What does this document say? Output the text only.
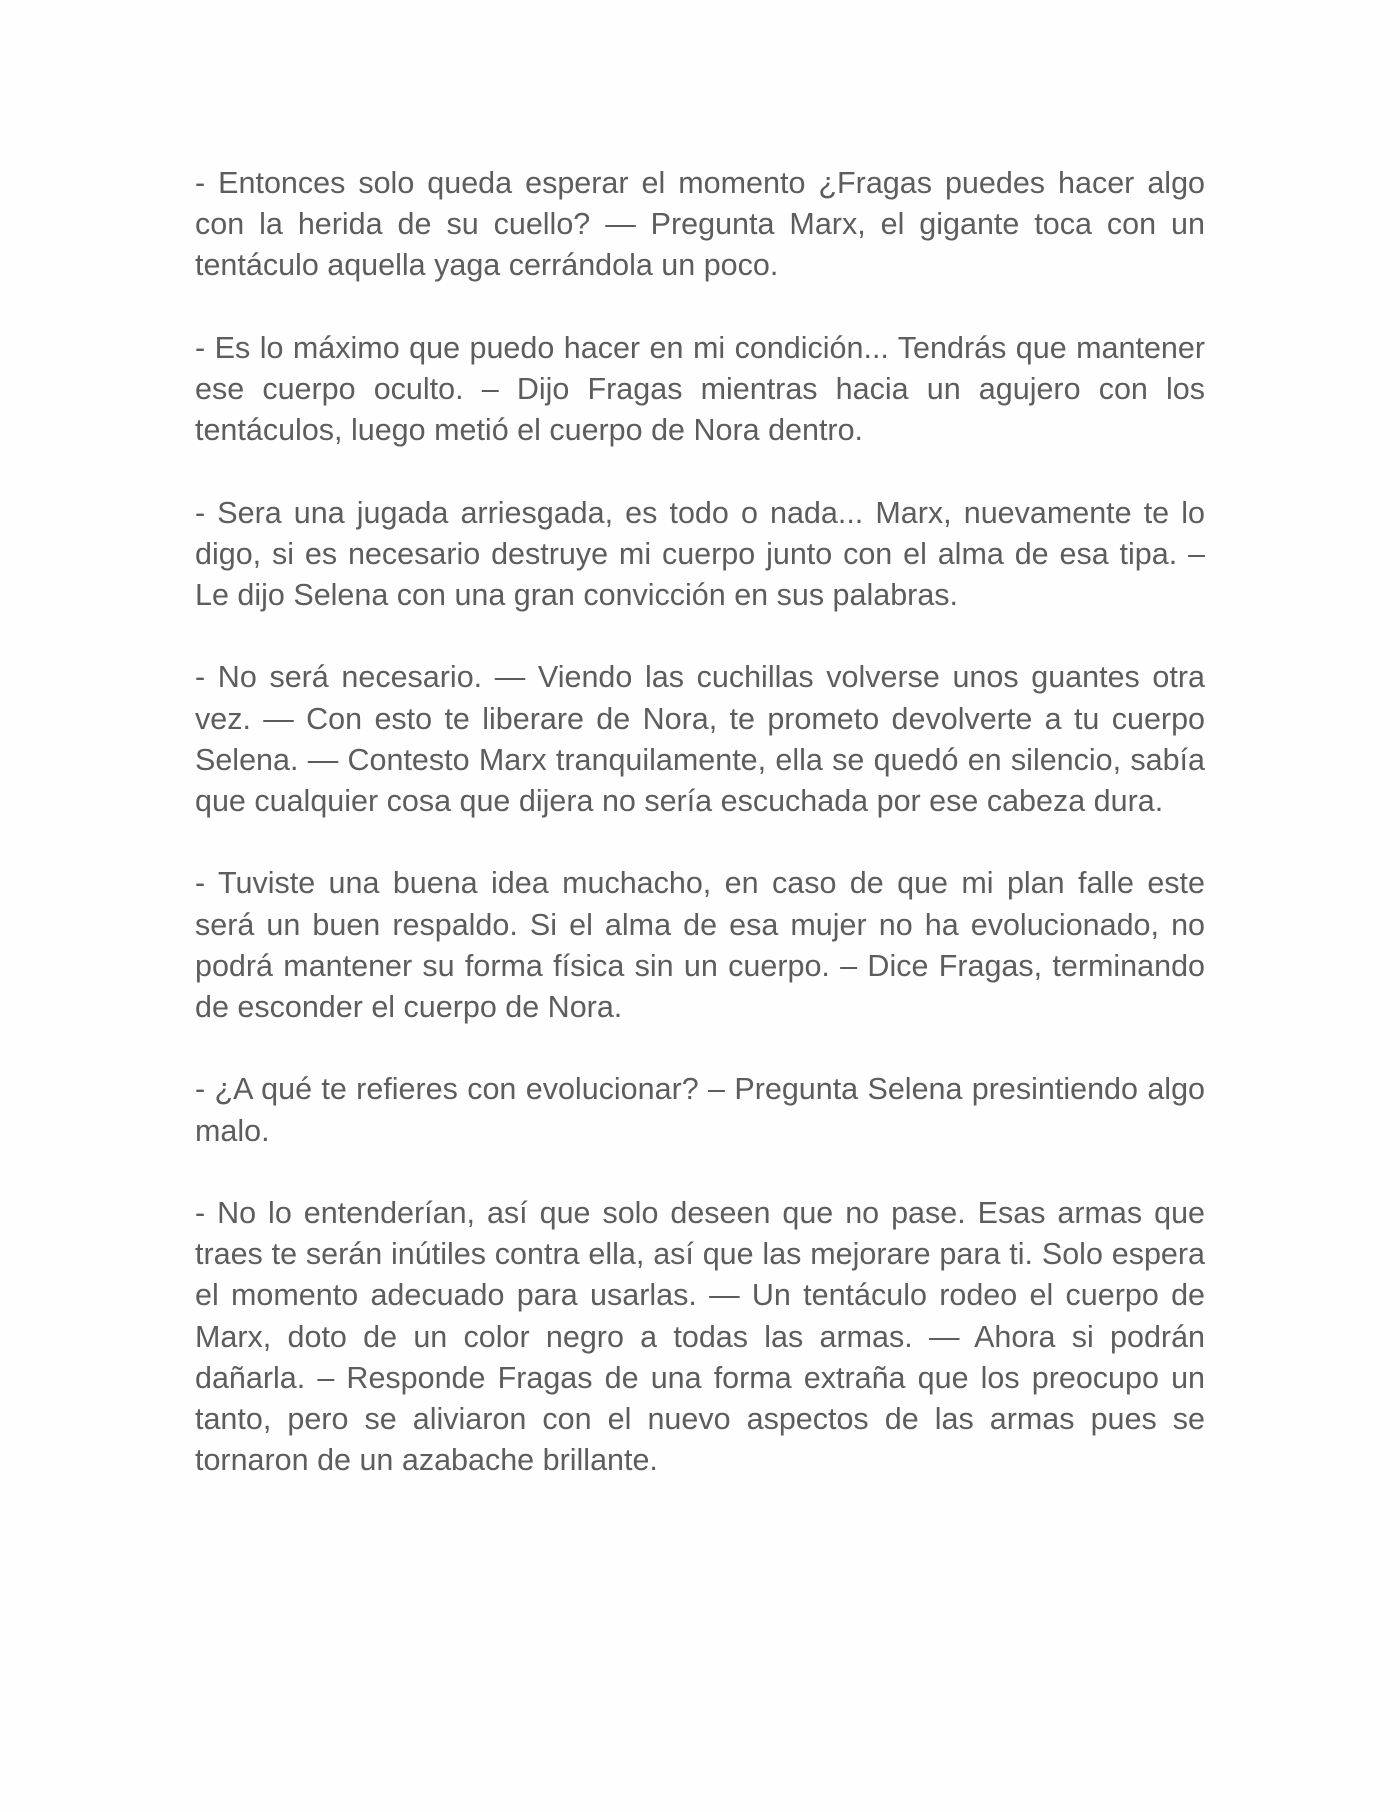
- Entonces solo queda esperar el momento ¿Fragas puedes hacer algo con la herida de su cuello? — Pregunta Marx, el gigante toca con un tentáculo aquella yaga cerrándola un poco.

- Es lo máximo que puedo hacer en mi condición... Tendrás que mantener ese cuerpo oculto. – Dijo Fragas mientras hacia un agujero con los tentáculos, luego metió el cuerpo de Nora dentro.

- Sera una jugada arriesgada, es todo o nada... Marx, nuevamente te lo digo, si es necesario destruye mi cuerpo junto con el alma de esa tipa. – Le dijo Selena con una gran convicción en sus palabras.

- No será necesario. — Viendo las cuchillas volverse unos guantes otra vez. — Con esto te liberare de Nora, te prometo devolverte a tu cuerpo Selena. — Contesto Marx tranquilamente, ella se quedó en silencio, sabía que cualquier cosa que dijera no sería escuchada por ese cabeza dura.

- Tuviste una buena idea muchacho, en caso de que mi plan falle este será un buen respaldo. Si el alma de esa mujer no ha evolucionado, no podrá mantener su forma física sin un cuerpo. – Dice Fragas, terminando de esconder el cuerpo de Nora.

- ¿A qué te refieres con evolucionar? – Pregunta Selena presintiendo algo malo.

- No lo entenderían, así que solo deseen que no pase. Esas armas que traes te serán inútiles contra ella, así que las mejorare para ti. Solo espera el momento adecuado para usarlas. — Un tentáculo rodeo el cuerpo de Marx, doto de un color negro a todas las armas. — Ahora si podrán dañarla. – Responde Fragas de una forma extraña que los preocupo un tanto, pero se aliviaron con el nuevo aspectos de las armas pues se tornaron de un azabache brillante.
